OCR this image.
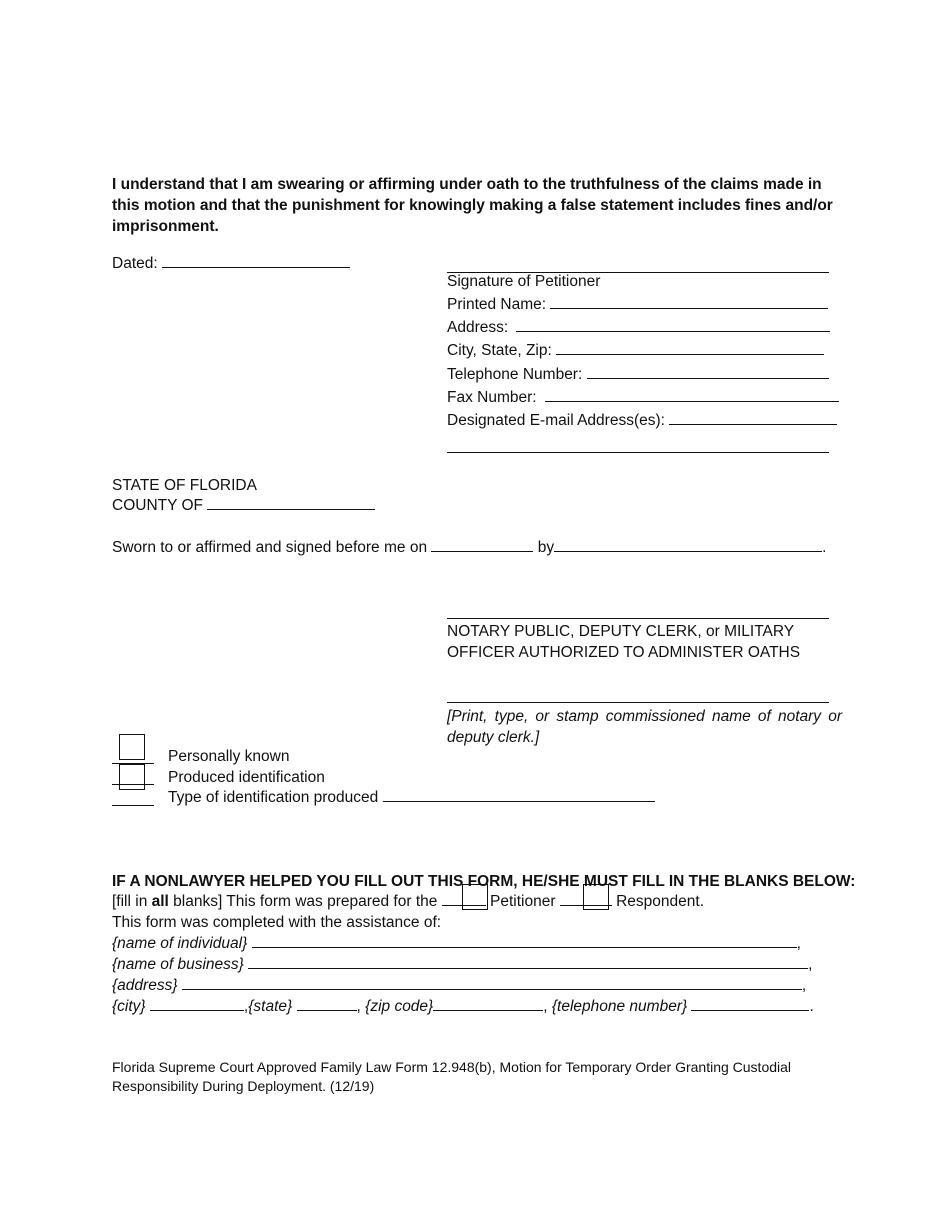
I understand that I am swearing or affirming under oath to the truthfulness of the claims made in this motion and that the punishment for knowingly making a false statement includes fines and/or imprisonment.
Dated:
Signature of Petitioner
Printed Name:
Address:
City, State, Zip:
Telephone Number:
Fax Number:
Designated E-mail Address(es):
STATE OF FLORIDA
COUNTY OF
Sworn to or affirmed and signed before me on	by	.
NOTARY PUBLIC, DEPUTY CLERK, or MILITARY
OFFICER AUTHORIZED TO ADMINISTER OATHS
[Print, type, or stamp commissioned name of notary or deputy clerk.]
Personally known
Produced identification
Type of identification produced
IF A NONLAWYER HELPED YOU FILL OUT THIS FORM, HE/SHE MUST FILL IN THE BLANKS BELOW:
[fill in all blanks] This form was prepared for the	Petitioner	Respondent.
This form was completed with the assistance of:
{name of individual}	,
{name of business}	,
{address}	,
{city}	,{state}	, {zip code}	, {telephone number}	.
Florida Supreme Court Approved Family Law Form 12.948(b), Motion for Temporary Order Granting Custodial
Responsibility During Deployment. (12/19)
